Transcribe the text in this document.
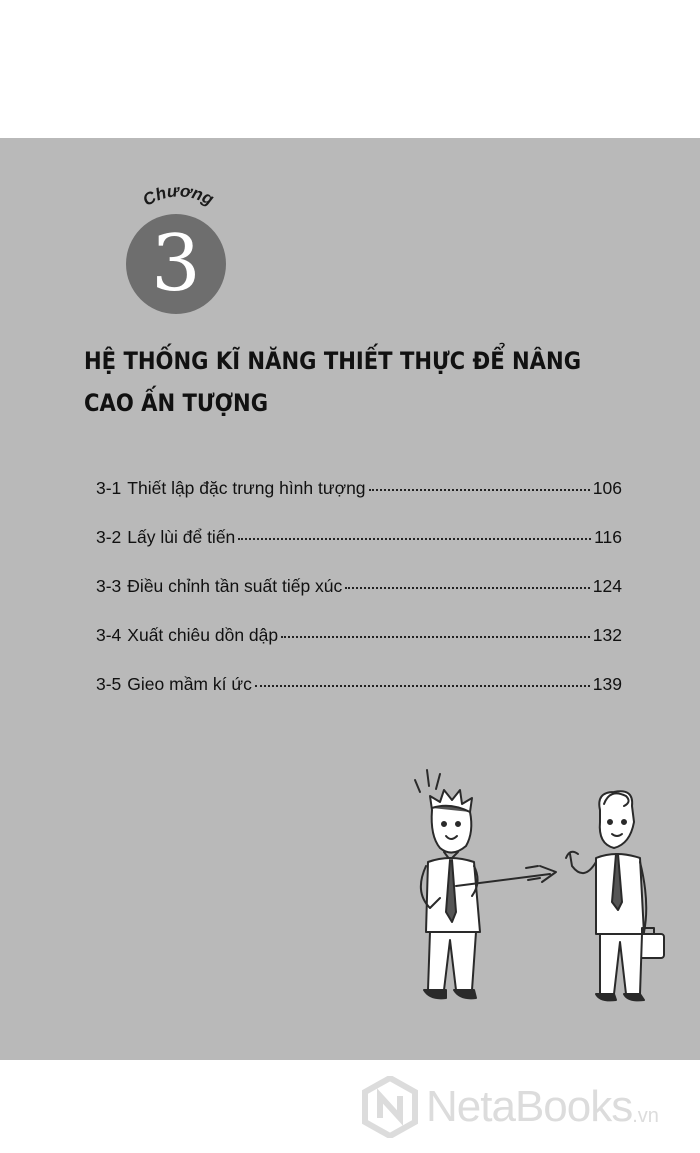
Chương
3
HỆ THỐNG KĨ NĂNG THIẾT THỰC ĐỂ NÂNG CAO ẤN TƯỢNG
3-1 Thiết lập đặc trưng hình tượng	106
3-2 Lấy lùi để tiến	116
3-3 Điều chỉnh tần suất tiếp xúc	124
3-4 Xuất chiêu dồn dập	132
3-5 Gieo mầm kí ức	139
NetaBooks .vn
